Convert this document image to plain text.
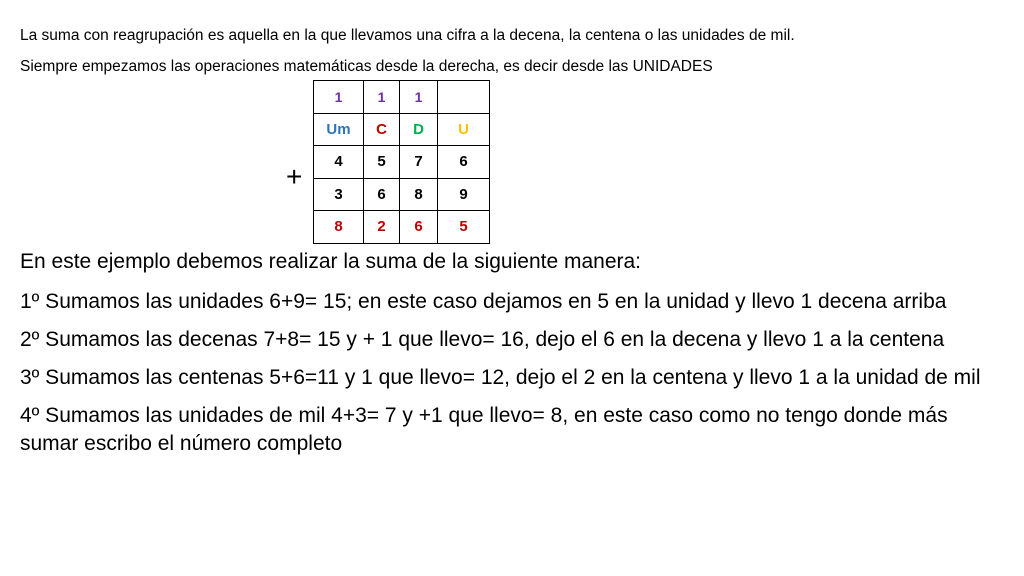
La suma con reagrupación es aquella en la que llevamos una cifra a la decena, la centena o las unidades de mil.

Siempre empezamos las operaciones matemáticas desde la derecha, es decir desde las UNIDADES

+
1	1	1	
Um	C	D	U
4	5	7	6
3	6	8	9
8	2	6	5

En este ejemplo debemos realizar la suma de la siguiente manera:

1º Sumamos las unidades 6+9= 15; en este caso dejamos en 5 en la unidad y llevo 1 decena arriba

2º Sumamos las decenas 7+8= 15 y + 1 que llevo= 16, dejo el 6 en la decena y llevo 1 a la centena

3º Sumamos las centenas 5+6=11 y 1 que llevo= 12, dejo el 2 en la centena y llevo 1 a la unidad de mil

4º Sumamos las unidades de mil 4+3= 7 y +1 que llevo= 8, en este caso como no tengo donde más sumar escribo el número completo
